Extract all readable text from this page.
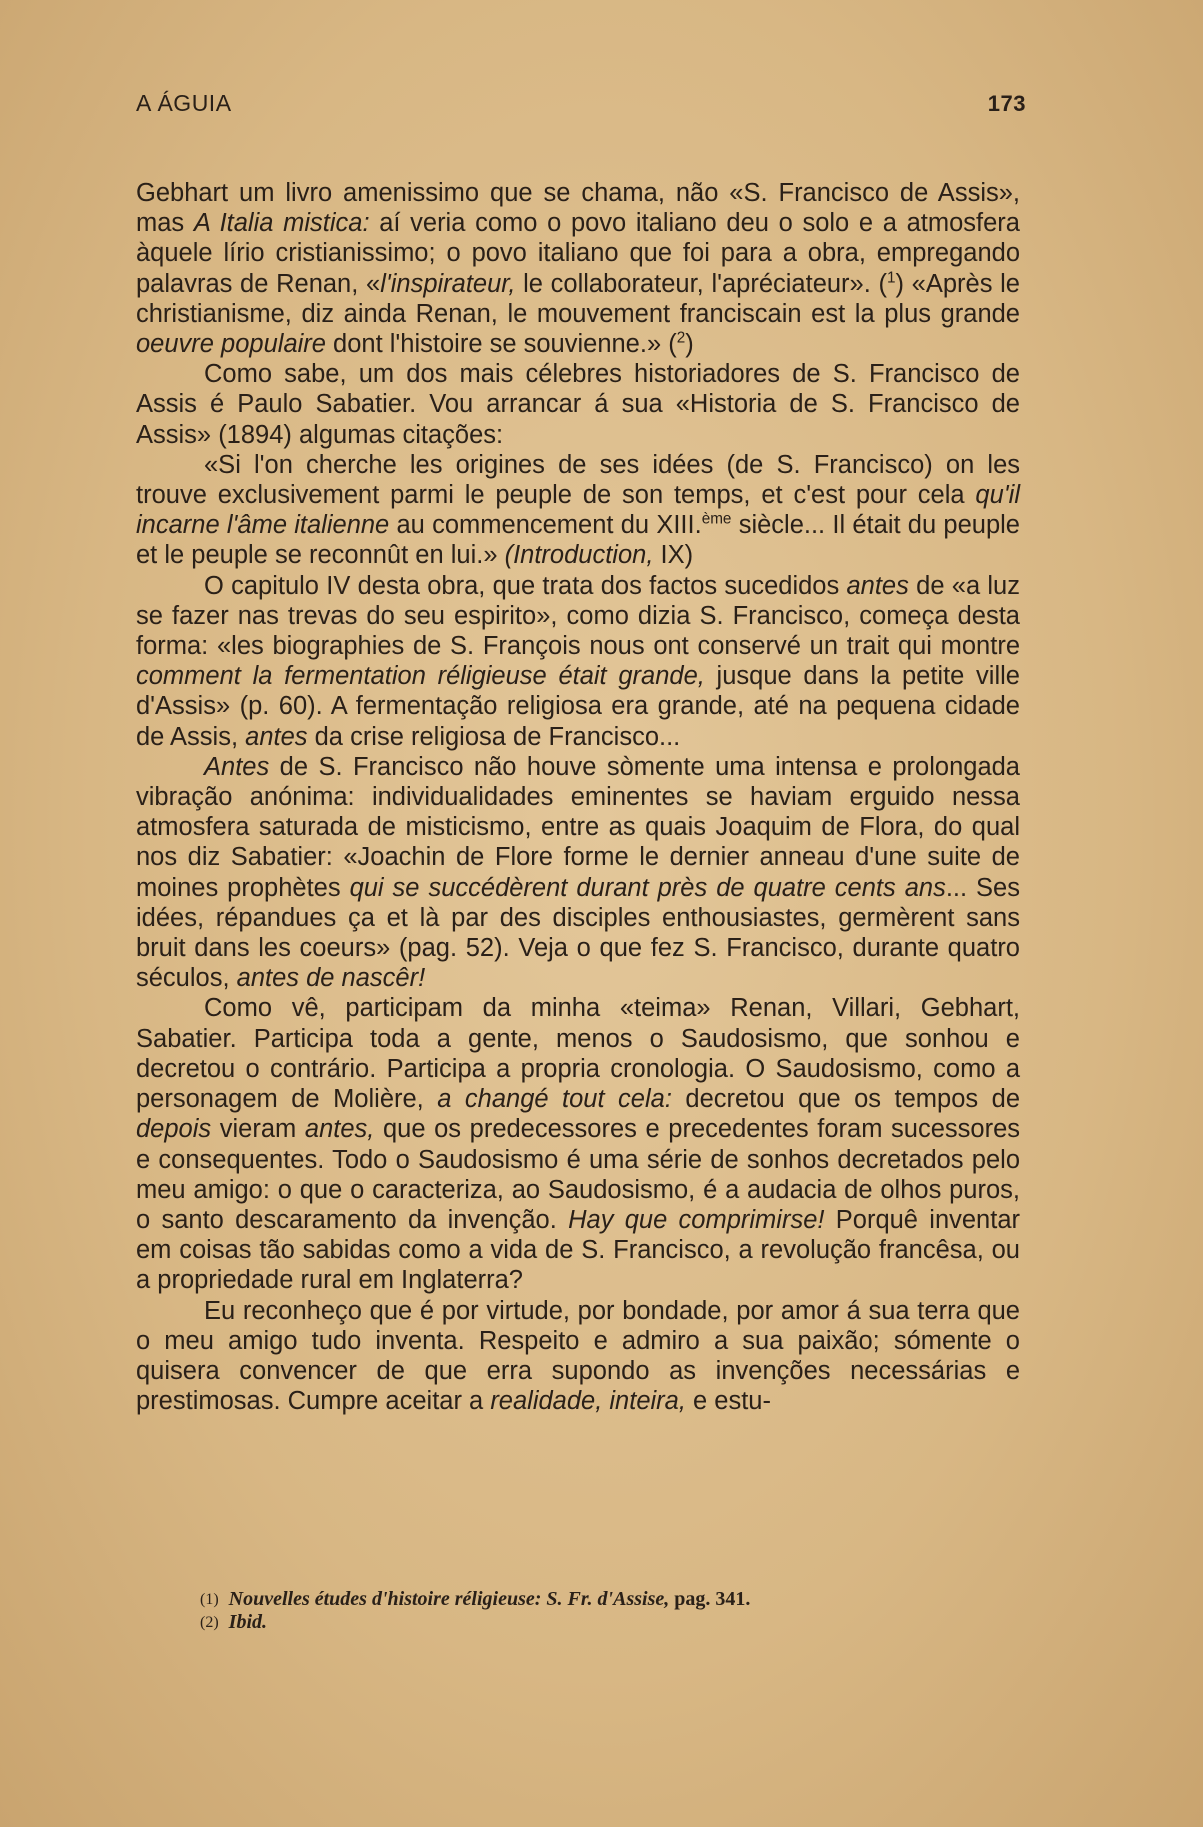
A ÁGUIA	173

Gebhart um livro amenissimo que se chama, não «S. Francisco de Assis», mas A Italia mistica: aí veria como o povo italiano deu o solo e a atmosfera àquele lírio cristianissimo; o povo italiano que foi para a obra, empregando palavras de Renan, «l'inspirateur, le collaborateur, l'apréciateur». ($^1$) «Après le christianisme, diz ainda Renan, le mouvement franciscain est la plus grande oeuvre populaire dont l'histoire se souvienne.» ($^2$)

Como sabe, um dos mais célebres historiadores de S. Francisco de Assis é Paulo Sabatier. Vou arrancar á sua «Historia de S. Francisco de Assis» (1894) algumas citações:

«Si l'on cherche les origines de ses idées (de S. Francisco) on les trouve exclusivement parmi le peuple de son temps, et c'est pour cela qu'il incarne l'âme italienne au commencement du XIII.$^{ème}$ siècle... Il était du peuple et le peuple se reconnût en lui.» (Introduction, IX)

O capitulo IV desta obra, que trata dos factos sucedidos antes de «a luz se fazer nas trevas do seu espirito», como dizia S. Francisco, começa desta forma: «les biographies de S. François nous ont conservé un trait qui montre comment la fermentation réligieuse était grande, jusque dans la petite ville d'Assis» (p. 60). A fermentação religiosa era grande, até na pequena cidade de Assis, antes da crise religiosa de Francisco...

Antes de S. Francisco não houve sòmente uma intensa e prolongada vibração anónima: individualidades eminentes se haviam erguido nessa atmosfera saturada de misticismo, entre as quais Joaquim de Flora, do qual nos diz Sabatier: «Joachin de Flore forme le dernier anneau d'une suite de moines prophètes qui se succédèrent durant près de quatre cents ans... Ses idées, répandues ça et là par des disciples enthousiastes, germèrent sans bruit dans les coeurs» (pag. 52). Veja o que fez S. Francisco, durante quatro séculos, antes de nascêr!

Como vê, participam da minha «teima» Renan, Villari, Gebhart, Sabatier. Participa toda a gente, menos o Saudosismo, que sonhou e decretou o contrário. Participa a propria cronologia. O Saudosismo, como a personagem de Molière, a changé tout cela: decretou que os tempos de depois vieram antes, que os predecessores e precedentes foram sucessores e consequentes. Todo o Saudosismo é uma série de sonhos decretados pelo meu amigo: o que o caracteriza, ao Saudosismo, é a audacia de olhos puros, o santo descaramento da invenção. Hay que comprimirse! Porquê inventar em coisas tão sabidas como a vida de S. Francisco, a revolução francêsa, ou a propriedade rural em Inglaterra?

Eu reconheço que é por virtude, por bondade, por amor á sua terra que o meu amigo tudo inventa. Respeito e admiro a sua paixão; sómente o quisera convencer de que erra supondo as invenções necessárias e prestimosas. Cumpre aceitar a realidade, inteira, e estu-

(1) Nouvelles études d'histoire réligieuse: S. Fr. d'Assise, pag. 341.
(2) Ibid.
